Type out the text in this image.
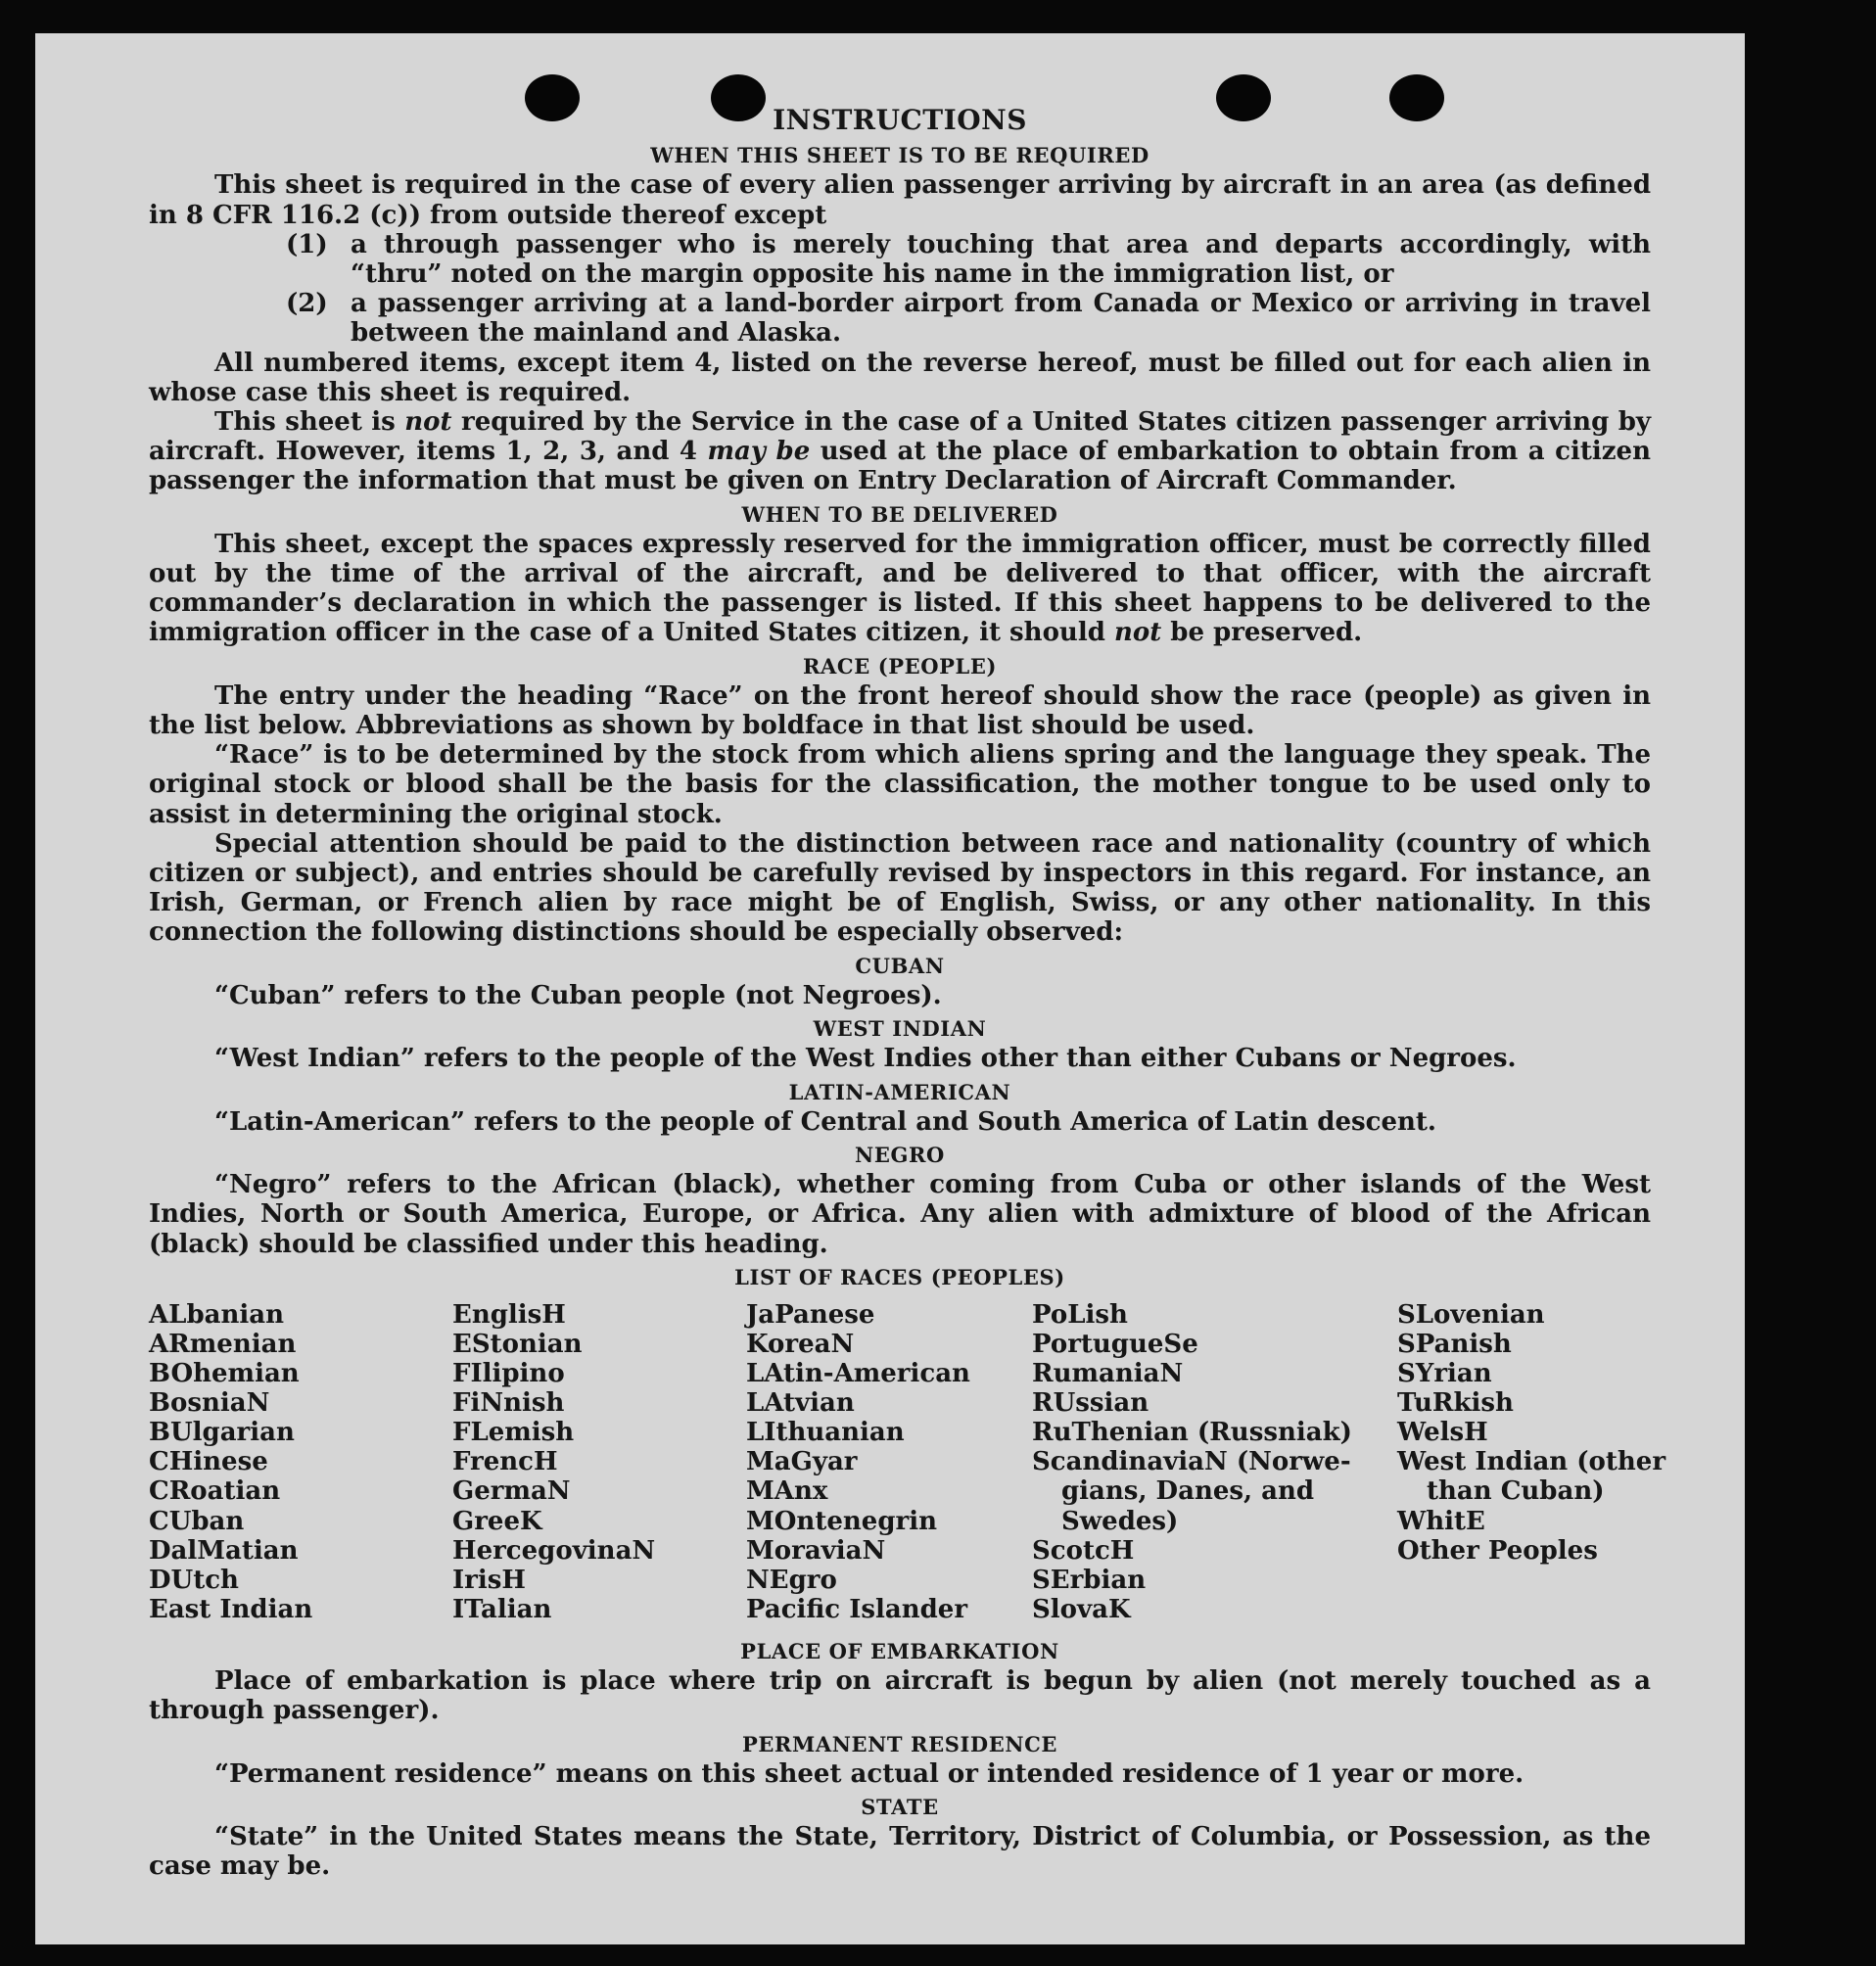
INSTRUCTIONS
WHEN THIS SHEET IS TO BE REQUIRED

This sheet is required in the case of every alien passenger arriving by aircraft in an area (as defined in 8 CFR 116.2 (c)) from outside thereof except

(1) a through passenger who is merely touching that area and departs accordingly, with “thru” noted on the margin opposite his name in the immigration list, or
(2) a passenger arriving at a land-border airport from Canada or Mexico or arriving in travel between the mainland and Alaska.

All numbered items, except item 4, listed on the reverse hereof, must be filled out for each alien in whose case this sheet is required.

This sheet is not required by the Service in the case of a United States citizen passenger arriving by aircraft. However, items 1, 2, 3, and 4 may be used at the place of embarkation to obtain from a citizen passenger the information that must be given on Entry Declaration of Aircraft Commander.

WHEN TO BE DELIVERED

This sheet, except the spaces expressly reserved for the immigration officer, must be correctly filled out by the time of the arrival of the aircraft, and be delivered to that officer, with the aircraft commander’s declaration in which the passenger is listed. If this sheet happens to be delivered to the immigration officer in the case of a United States citizen, it should not be preserved.

RACE (PEOPLE)

The entry under the heading “Race” on the front hereof should show the race (people) as given in the list below. Abbreviations as shown by boldface in that list should be used.

“Race” is to be determined by the stock from which aliens spring and the language they speak. The original stock or blood shall be the basis for the classification, the mother tongue to be used only to assist in determining the original stock.

Special attention should be paid to the distinction between race and nationality (country of which citizen or subject), and entries should be carefully revised by inspectors in this regard. For instance, an Irish, German, or French alien by race might be of English, Swiss, or any other nationality. In this connection the following distinctions should be especially observed:

CUBAN

“Cuban” refers to the Cuban people (not Negroes).

WEST INDIAN

“West Indian” refers to the people of the West Indies other than either Cubans or Negroes.

LATIN-AMERICAN

“Latin-American” refers to the people of Central and South America of Latin descent.

NEGRO

“Negro” refers to the African (black), whether coming from Cuba or other islands of the West Indies, North or South America, Europe, or Africa. Any alien with admixture of blood of the African (black) should be classified under this heading.

LIST OF RACES (PEOPLES)
ALbanian
ARmenian
BOhemian
BosniaN
BUlgarian
CHinese
CRoatian
CUban
DalMatian
DUtch
East Indian
EnglisH
EStonian
FIlipino
FiNnish
FLemish
FrencH
GermaN
GreeK
HercegovinaN
IrisH
ITalian
JaPanese
KoreaN
LAtin-American
LAtvian
LIthuanian
MaGyar
MAnx
MOntenegrin
MoraviaN
NEgro
Pacific Islander
PoLish
PortugueSe
RumaniaN
RUssian
RuThenian (Russniak)
ScandinaviaN (Norwe-
gians, Danes, and
Swedes)
ScotcH
SErbian
SlovaK
SLovenian
SPanish
SYrian
TuRkish
WelsH
West Indian (other
than Cuban)
WhitE
Other Peoples
PLACE OF EMBARKATION

Place of embarkation is place where trip on aircraft is begun by alien (not merely touched as a through passenger).

PERMANENT RESIDENCE

“Permanent residence” means on this sheet actual or intended residence of 1 year or more.

STATE

“State” in the United States means the State, Territory, District of Columbia, or Possession, as the case may be.
